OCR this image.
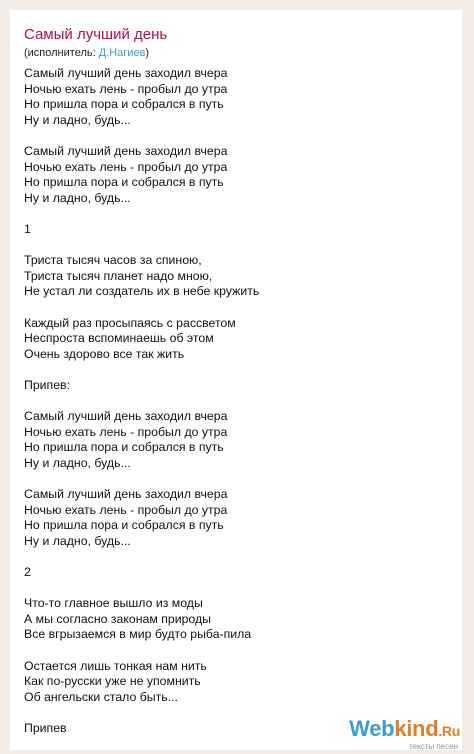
Самый лучший день
(исполнитель: Д.Нагиев)
Самый лучший день заходил вчера
Ночью ехать лень - пробыл до утра
Но пришла пора и собрался в путь
Ну и ладно, будь...
Самый лучший день заходил вчера
Ночью ехать лень - пробыл до утра
Но пришла пора и собрался в путь
Ну и ладно, будь...
1
Триста тысяч часов за спиною,
Триста тысяч планет надо мною,
Не устал ли создатель их в небе кружить
Каждый раз просыпаясь с рассветом
Неспроста вспоминаешь об этом
Очень здорово все так жить
Припев:
Самый лучший день заходил вчера
Ночью ехать лень - пробыл до утра
Но пришла пора и собрался в путь
Ну и ладно, будь...
Самый лучший день заходил вчера
Ночью ехать лень - пробыл до утра
Но пришла пора и собрался в путь
Ну и ладно, будь...
2
Что-то главное вышло из моды
А мы согласно законам природы
Все вгрызаемся в мир будто рыба-пила
Остается лишь тонкая нам нить
Как по-русски уже не упомнить
Об ангельски стало быть...
Припев	Webkind.Ru
тексты песен
